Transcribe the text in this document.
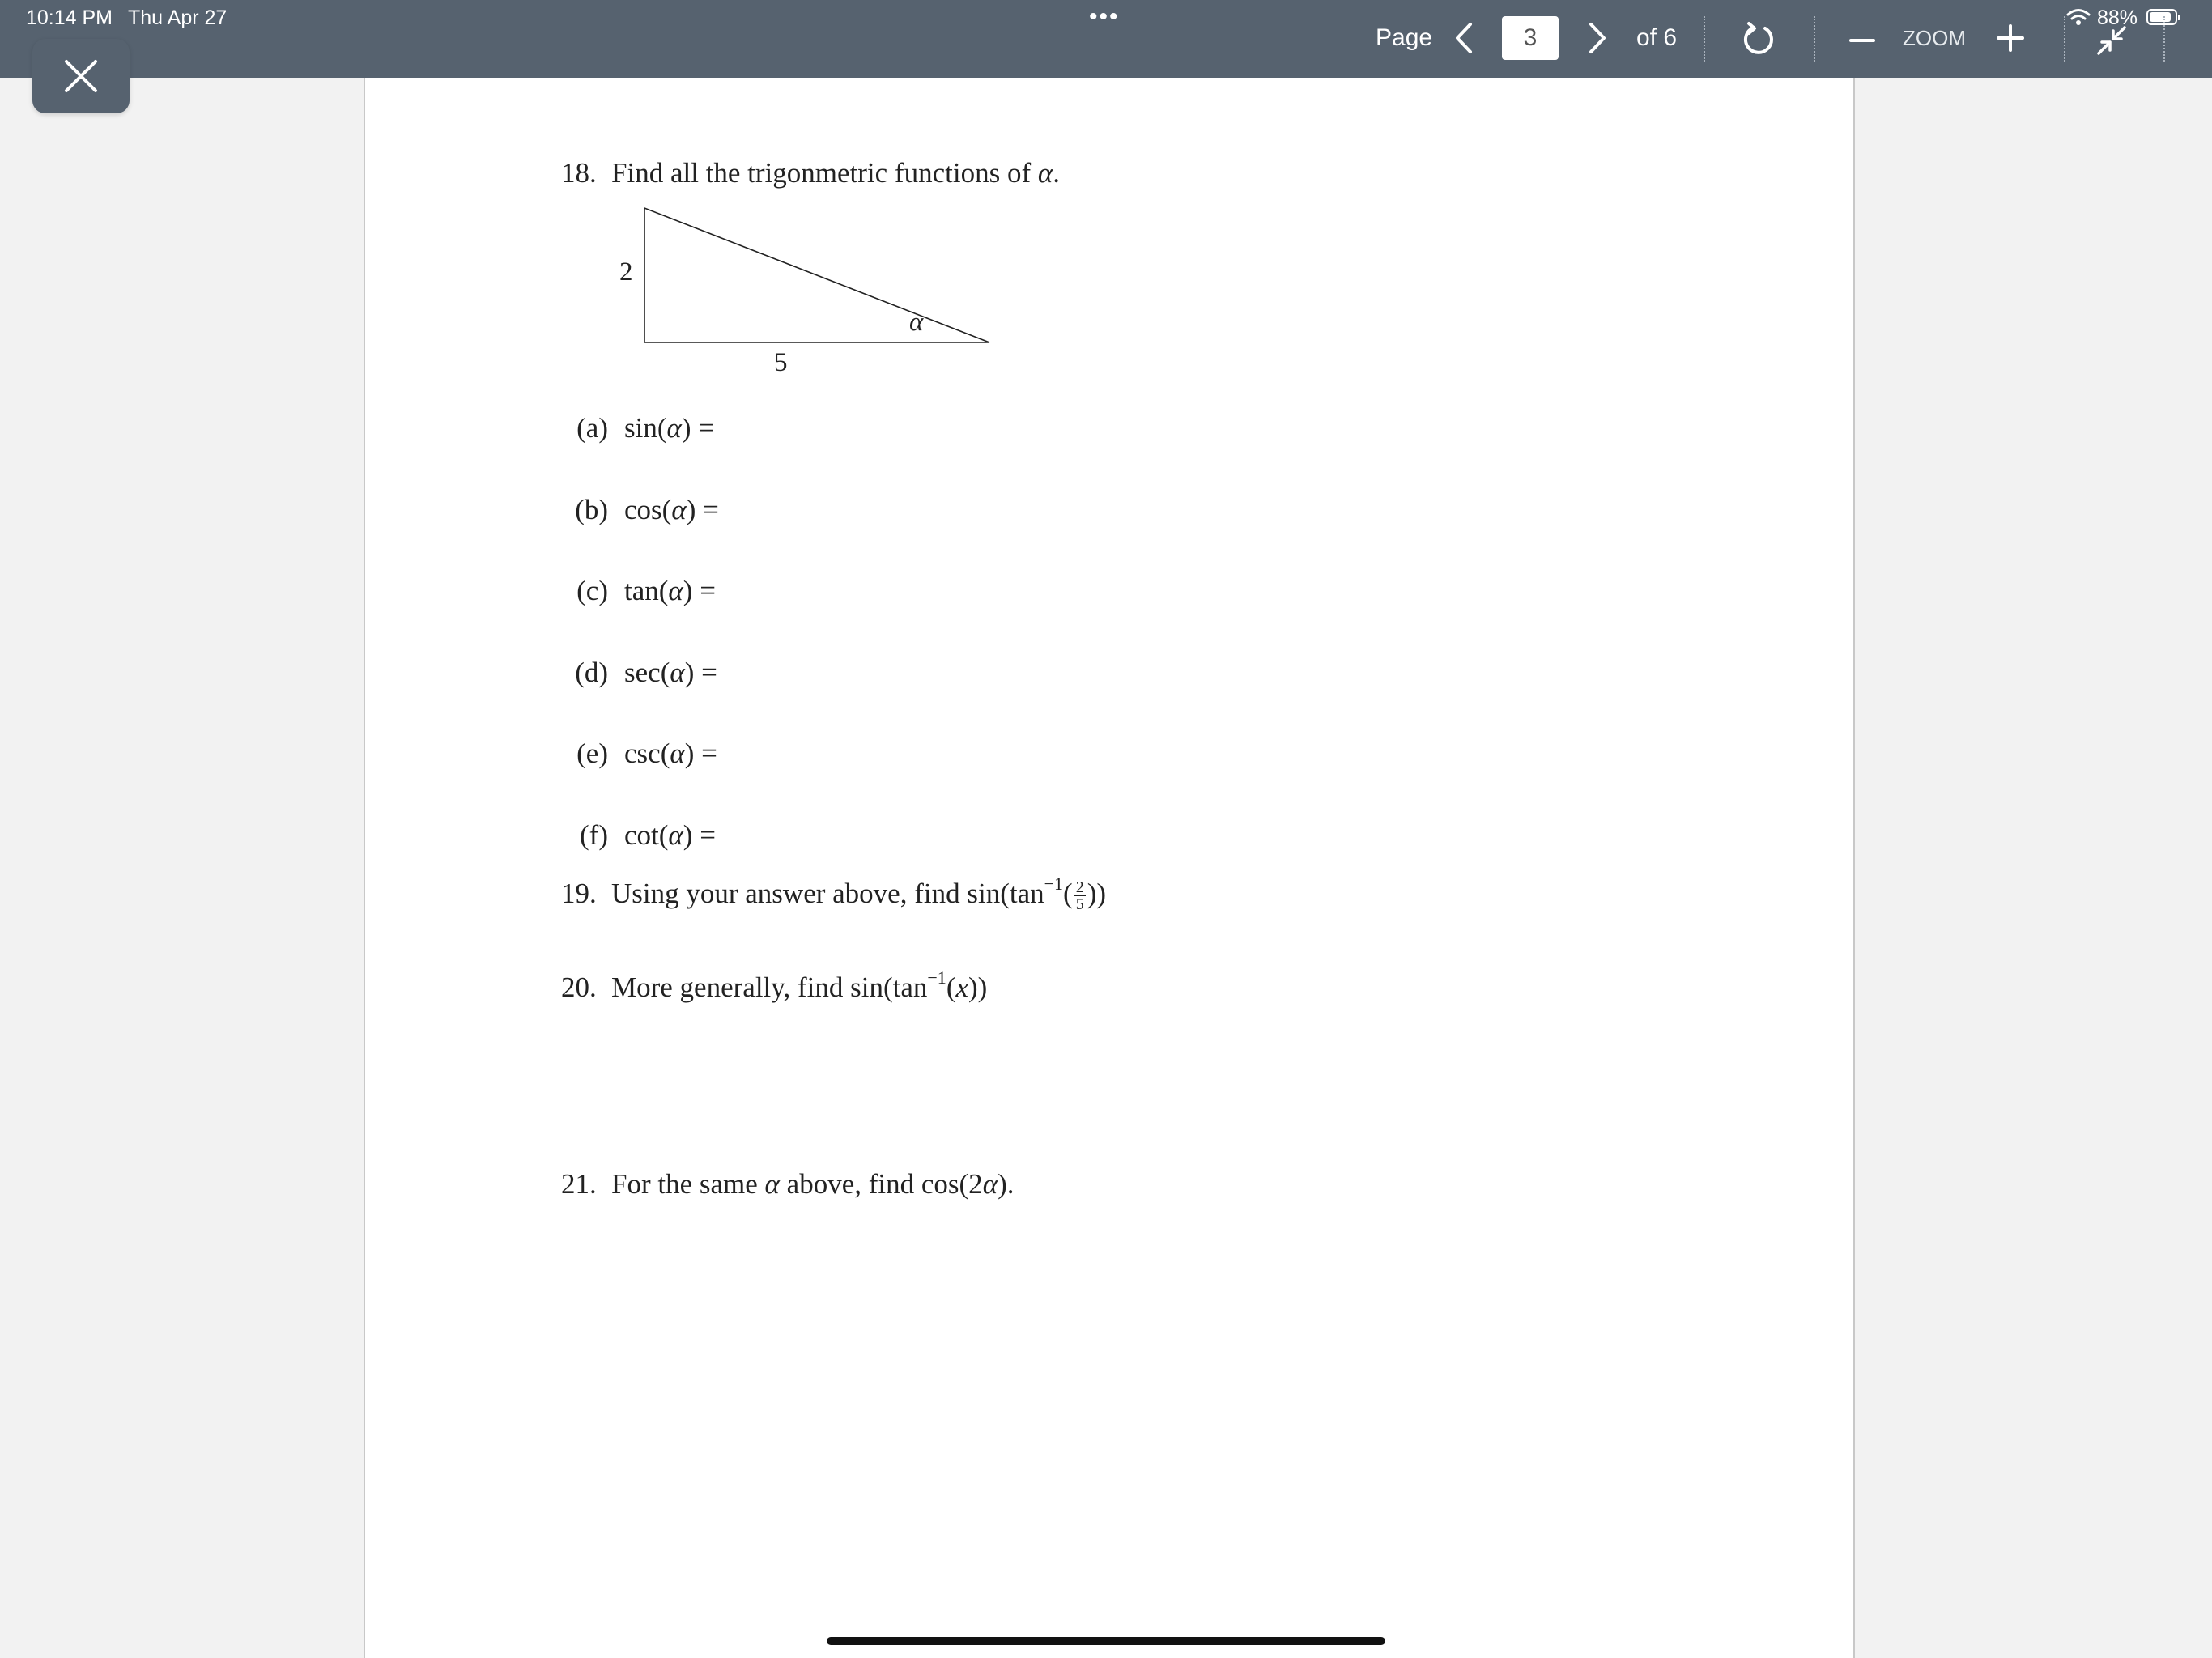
10:14 PM Thu Apr 27	•••	88%
Page
3	of 6	ZOOM
18. Find all the trigonmetric functions of α.
2
5
α
(a) sin(α) =
(b) cos(α) =
(c) tan(α) =
(d) sec(α) =
(e) csc(α) =
(f) cot(α) =
19. Using your answer above, find $\sin(\tan^{-1}( \frac{2}{5}$ ))
20. More generally, find $\sin(\tan^{-1}(x))$
21. For the same α above, find cos(2α).
